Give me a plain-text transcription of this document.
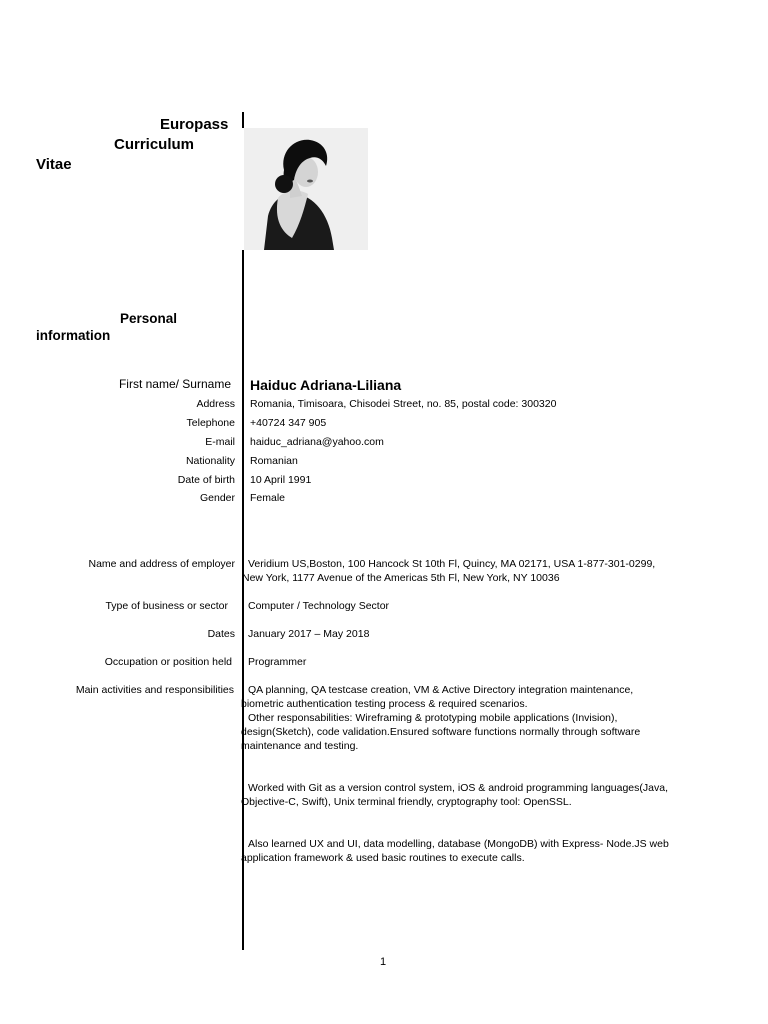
Europass
Curriculum
Vitae
Personal
information
First name/ Surname Haiduc Adriana-Liliana
Address Romania, Timisoara, Chisodei Street, no. 85, postal code: 300320
Telephone +40724 347 905
E-mail haiduc_adriana@yahoo.com
Nationality Romanian
Date of birth 10 April 1991
Gender Female
Name and address of employer Veridium US,Boston, 100 Hancock St 10th Fl, Quincy, MA 02171, USA 1-877-301-0299,
New York, 1177 Avenue of the Americas 5th Fl, New York, NY 10036
Type of business or sector Computer / Technology Sector
Dates January 2017 – May 2018
Occupation or position held Programmer
Main activities and responsibilities QA planning, QA testcase creation, VM & Active Directory integration maintenance,
biometric authentication testing process & required scenarios.
Other responsabilities: Wireframing & prototyping mobile applications (Invision),
design(Sketch), code validation.Ensured software functions normally through software
maintenance and testing.
Worked with Git as a version control system, iOS & android programming languages(Java,
Objective-C, Swift), Unix terminal friendly, cryptography tool: OpenSSL.
Also learned UX and UI, data modelling, database (MongoDB) with Express- Node.JS web
application framework & used basic routines to execute calls.
1
